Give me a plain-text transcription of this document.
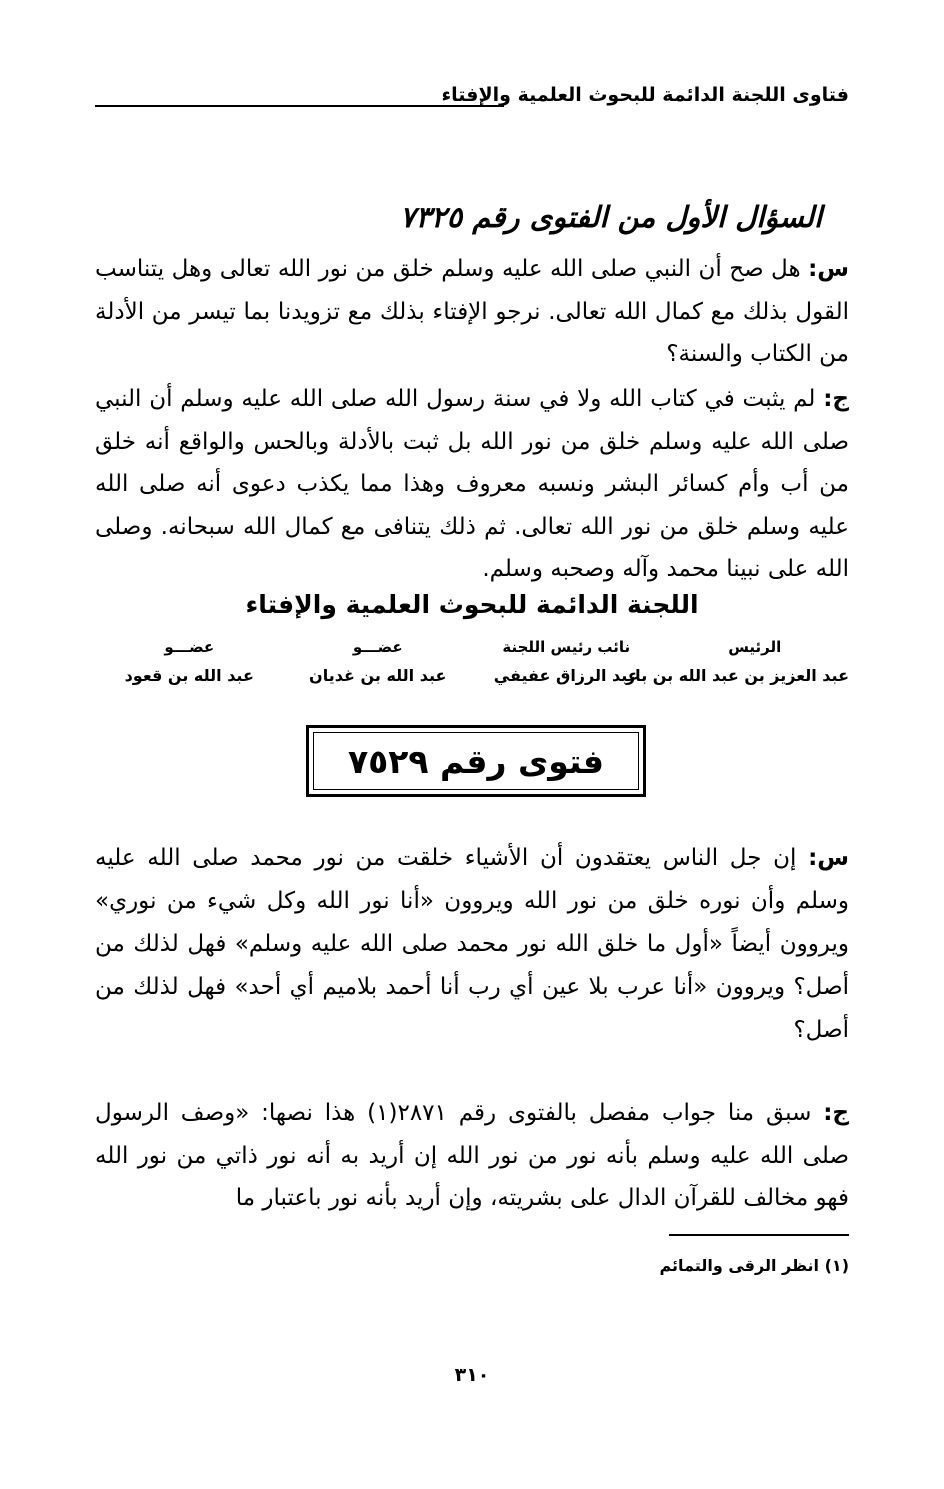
فتاوى اللجنة الدائمة للبحوث العلمية والإفتاء
السؤال الأول من الفتوى رقم ٧٣٢٥
س: هل صح أن النبي صلى الله عليه وسلم خلق من نور الله تعالى وهل يتناسب القول بذلك مع كمال الله تعالى. نرجو الإفتاء بذلك مع تزويدنا بما تيسر من الأدلة من الكتاب والسنة؟
ج: لم يثبت في كتاب الله ولا في سنة رسول الله صلى الله عليه وسلم أن النبي صلى الله عليه وسلم خلق من نور الله بل ثبت بالأدلة وبالحس والواقع أنه خلق من أب وأم كسائر البشر ونسبه معروف وهذا مما يكذب دعوى أنه صلى الله عليه وسلم خلق من نور الله تعالى. ثم ذلك يتنافى مع كمال الله سبحانه. وصلى الله على نبينا محمد وآله وصحبه وسلم.
اللجنة الدائمة للبحوث العلمية والإفتاء
الرئيس
نائب رئيس اللجنة
عضـــو
عضـــو
عبد العزيز بن عبد الله بن باز
عبد الرزاق عفيفي
عبد الله بن غديان
عبد الله بن قعود
فتوى رقم ٧٥٢٩
س: إن جل الناس يعتقدون أن الأشياء خلقت من نور محمد صلى الله عليه وسلم وأن نوره خلق من نور الله ويروون «أنا نور الله وكل شيء من نوري» ويروون أيضاً «أول ما خلق الله نور محمد صلى الله عليه وسلم» فهل لذلك من أصل؟ ويروون «أنا عرب بلا عين أي رب أنا أحمد بلاميم أي أحد» فهل لذلك من أصل؟
ج: سبق منا جواب مفصل بالفتوى رقم ٢٨٧١(١) هذا نصها: «وصف الرسول صلى الله عليه وسلم بأنه نور من نور الله إن أريد به أنه نور ذاتي من نور الله فهو مخالف للقرآن الدال على بشريته، وإن أريد بأنه نور باعتبار ما
(١) انظر الرقى والتمائم
٣١٠
